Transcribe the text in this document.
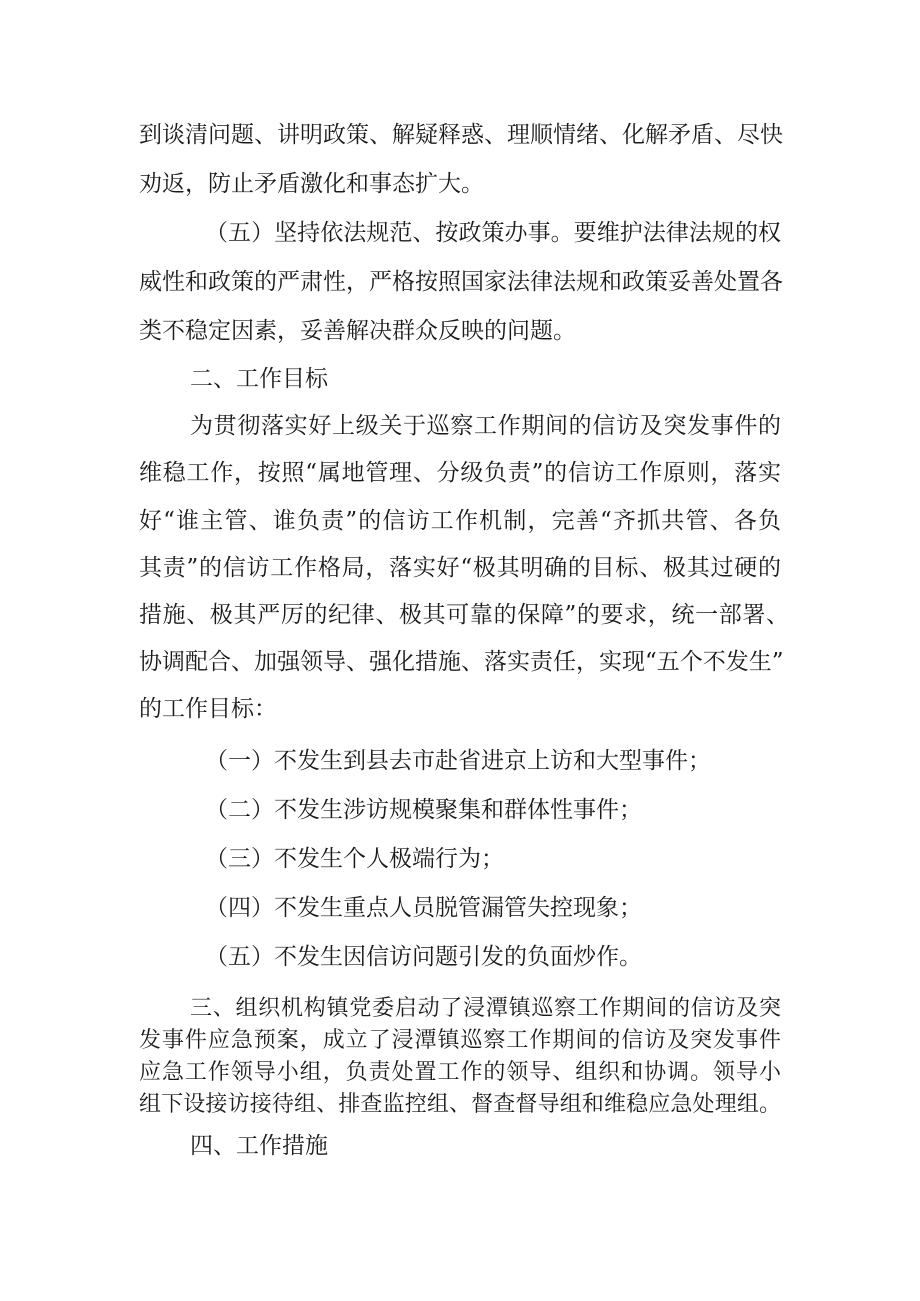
到谈清问题、讲明政策、解疑释惑、理顺情绪、化解矛盾、尽快

劝返，防止矛盾激化和事态扩大。

（五）坚持依法规范、按政策办事。要维护法律法规的权

威性和政策的严肃性，严格按照国家法律法规和政策妥善处置各

类不稳定因素，妥善解决群众反映的问题。

二、工作目标

为贯彻落实好上级关于巡察工作期间的信访及突发事件的

维稳工作，按照“属地管理、分级负责”的信访工作原则，落实

好“谁主管、谁负责”的信访工作机制，完善“齐抓共管、各负

其责”的信访工作格局，落实好“极其明确的目标、极其过硬的

措施、极其严厉的纪律、极其可靠的保障”的要求，统一部署、

协调配合、加强领导、强化措施、落实责任，实现“五个不发生”

的工作目标：

（一）不发生到县去市赴省进京上访和大型事件；

（二）不发生涉访规模聚集和群体性事件；

（三）不发生个人极端行为；

（四）不发生重点人员脱管漏管失控现象；

（五）不发生因信访问题引发的负面炒作。

三、组织机构镇党委启动了浸潭镇巡察工作期间的信访及突

发事件应急预案，成立了浸潭镇巡察工作期间的信访及突发事件

应急工作领导小组，负责处置工作的领导、组织和协调。领导小

组下设接访接待组、排查监控组、督查督导组和维稳应急处理组。

四、工作措施
